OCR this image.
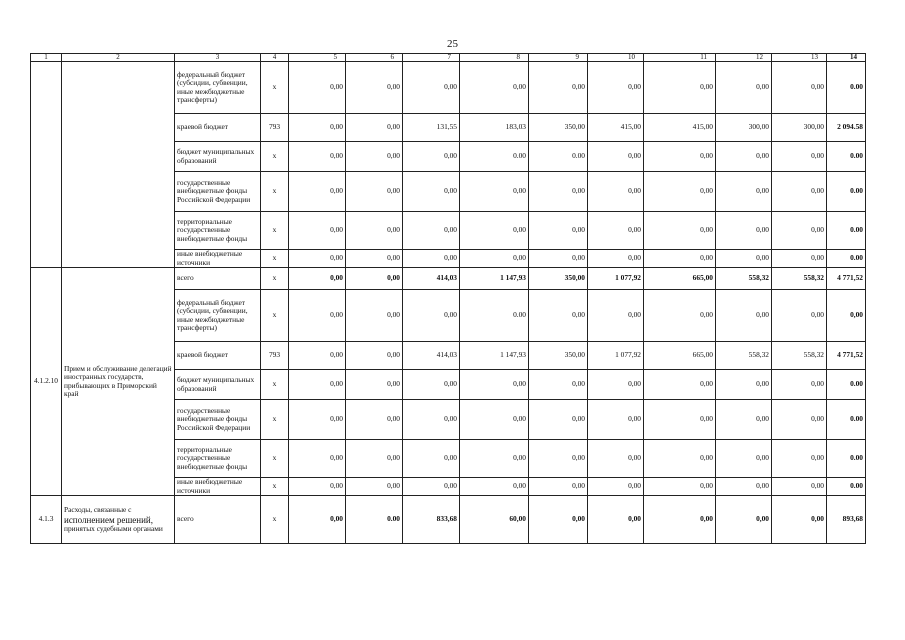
25
1	2	3	4	5	6	7	8	9	10	11	12	13	14
		федеральный бюджет (субсидии, субвенции, иные межбюджетные трансферты)	x	0,00	0,00	0,00	0,00	0,00	0,00	0,00	0,00	0,00	0.00
		краевой бюджет	793	0,00	0,00	131,55	183,03	350,00	415,00	415,00	300,00	300,00	2 094.58
		бюджет муниципальных образований	x	0,00	0,00	0,00	0.00	0.00	0,00	0,00	0,00	0,00	0.00
		государственные внебюджетные фонды Российской Федерации	x	0,00	0,00	0,00	0,00	0,00	0,00	0,00	0,00	0,00	0.00
		территориальные государственные внебюджетные фонды	x	0,00	0,00	0,00	0,00	0,00	0,00	0,00	0,00	0,00	0.00
		иные внебюджетные источники	x	0,00	0,00	0,00	0,00	0,00	0,00	0,00	0,00	0,00	0.00
4.1.2.10	Прием и обслуживание делегаций иностранных государств, прибывающих в Приморский край	всего	x	0,00	0,00	414,03	1 147,93	350,00	1 077,92	665,00	558,32	558,32	4 771,52
		федеральный бюджет (субсидии, субвенции, иные межбюджетные трансферты)	x	0,00	0,00	0,00	0.00	0,00	0,00	0,00	0,00	0,00	0,00
		краевой бюджет	793	0,00	0,00	414,03	1 147,93	350,00	1 077,92	665,00	558,32	558,32	4 771,52
		бюджет муниципальных образований	x	0,00	0,00	0,00	0,00	0,00	0,00	0,00	0,00	0,00	0.00
		государственные внебюджетные фонды Российской Федерации	x	0,00	0,00	0,00	0,00	0,00	0,00	0,00	0,00	0,00	0.00
		территориальные государственные внебюджетные фонды	x	0,00	0,00	0,00	0,00	0,00	0,00	0,00	0,00	0,00	0.00
		иные внебюджетные источники	x	0,00	0,00	0,00	0,00	0,00	0,00	0,00	0,00	0,00	0.00
4.1.3	Расходы, связанные с
исполнением решений,
принятых судебными органами	всего	x	0,00	0.00	833,68	60,00	0,00	0,00	0,00	0,00	0,00	893,68
